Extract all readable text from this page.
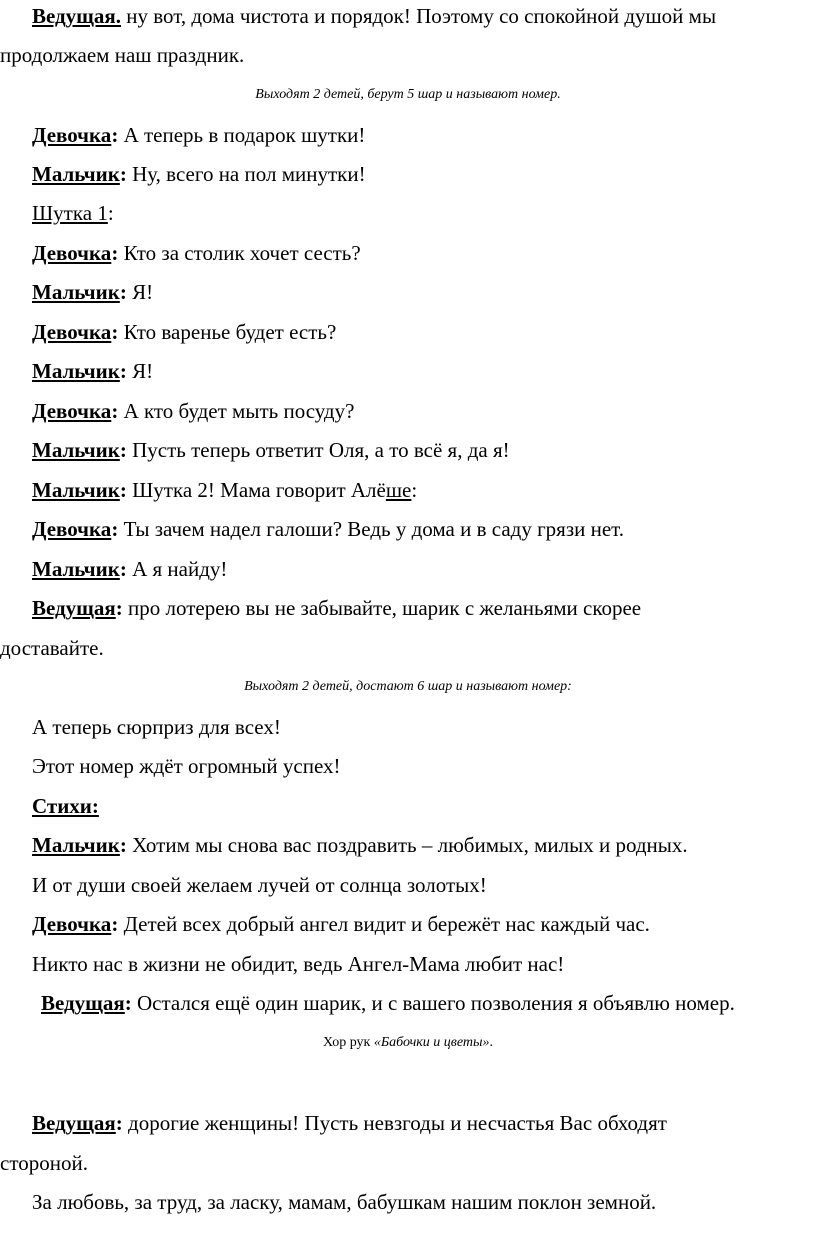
Ведущая. ну вот, дома чистота и порядок! Поэтому со спокойной душой мы
продолжаем наш праздник.
Выходят 2 детей, берут 5 шар и называют номер.
Девочка: А теперь в подарок шутки!
Мальчик: Ну, всего на пол минутки!
Шутка 1:
Девочка: Кто за столик хочет сесть?
Мальчик: Я!
Девочка: Кто варенье будет есть?
Мальчик: Я!
Девочка: А кто будет мыть посуду?
Мальчик: Пусть теперь ответит Оля, а то всё я, да я!
Мальчик: Шутка 2! Мама говорит Алёше:
Девочка: Ты зачем надел галоши? Ведь у дома и в саду грязи нет.
Мальчик: А я найду!
Ведущая: про лотерею вы не забывайте, шарик с желаньями скорее
доставайте.
Выходят 2 детей, достают 6 шар и называют номер:
А теперь сюрприз для всех!
Этот номер ждёт огромный успех!
Стихи:
Мальчик: Хотим мы снова вас поздравить – любимых, милых и родных.
И от души своей желаем лучей от солнца золотых!
Девочка: Детей всех добрый ангел видит и бережёт нас каждый час.
Никто нас в жизни не обидит, ведь Ангел-Мама любит нас!
Ведущая: Остался ещё один шарик, и с вашего позволения я объявлю номер.
Хор рук «Бабочки и цветы».
Ведущая: дорогие женщины! Пусть невзгоды и несчастья Вас обходят
стороной.
За любовь, за труд, за ласку, мамам, бабушкам нашим поклон земной.
